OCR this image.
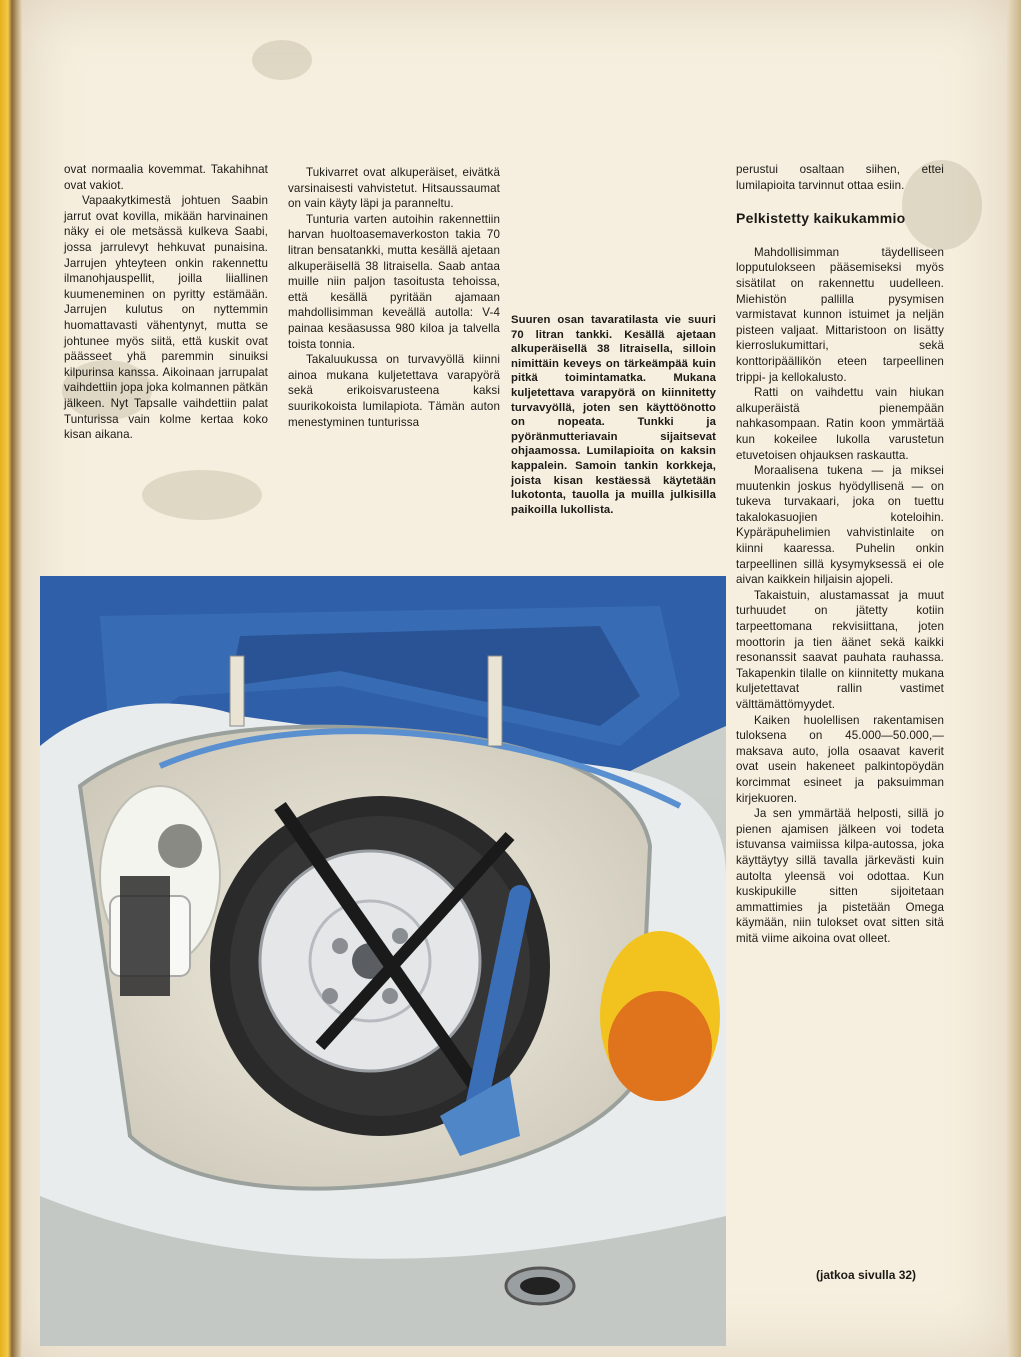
ovat normaalia kovemmat. Takahihnat ovat vakiot.

Vapaakytkimestä johtuen Saabin jarrut ovat kovilla, mikään harvinainen näky ei ole metsässä kulkeva Saabi, jossa jarrulevyt hehkuvat punaisina. Jarrujen yhteyteen onkin rakennettu ilmanohjauspellit, joilla liiallinen kuumeneminen on pyritty estämään. Jarrujen kulutus on nyttemmin huomattavasti vähentynyt, mutta se johtunee myös siitä, että kuskit ovat päässeet yhä paremmin sinuiksi kilpurinsa kanssa. Aikoinaan jarrupalat vaihdettiin jopa joka kolmannen pätkän jälkeen. Nyt Tapsalle vaihdettiin palat Tunturissa vain kolme kertaa koko kisan aikana.

Tukivarret ovat alkuperäiset, eivätkä varsinaisesti vahvistetut. Hitsaussaumat on vain käyty läpi ja paranneltu.

Tunturia varten autoihin rakennettiin harvan huoltoasemaverkoston takia 70 litran bensatankki, mutta kesällä ajetaan alkuperäisellä 38 litraisella. Saab antaa muille niin paljon tasoitusta tehoissa, että kesällä pyritään ajamaan mahdollisimman keveällä autolla: V-4 painaa kesäasussa 980 kiloa ja talvella toista tonnia.

Takaluukussa on turvavyöllä kiinni ainoa mukana kuljetettava varapyörä sekä erikoisvarusteena kaksi suurikokoista lumilapiota. Tämän auton menestyminen tunturissa

Suuren osan tavaratilasta vie suuri 70 litran tankki. Kesällä ajetaan alkuperäisellä 38 litraisella, silloin nimittäin keveys on tärkeämpää kuin pitkä toimintamatka. Mukana kuljetettava varapyörä on kiinnitetty turvavyöllä, joten sen käyttöönotto on nopeata. Tunkki ja pyöränmutteriavain sijaitsevat ohjaamossa. Lumilapioita on kaksin kappalein. Samoin tankin korkkeja, joista kisan kestäessä käytetään lukotonta, tauolla ja muilla julkisilla paikoilla lukollista.

perustui osaltaan siihen, ettei lumilapioita tarvinnut ottaa esiin.

Pelkistetty kaikukammio

Mahdollisimman täydelliseen lopputulokseen pääsemiseksi myös sisätilat on rakennettu uudelleen. Miehistön pallilla pysymisen varmistavat kunnon istuimet ja neljän pisteen valjaat. Mittaristoon on lisätty kierroslukumittari, sekä konttoripäällikön eteen tarpeellinen trippi- ja kellokalusto.

Ratti on vaihdettu vain hiukan alkuperäistä pienempään nahkasompaan. Ratin koon ymmärtää kun kokeilee lukolla varustetun etuvetoisen ohjauksen raskautta.

Moraalisena tukena — ja miksei muutenkin joskus hyödyllisenä — on tukeva turvakaari, joka on tuettu takalokasuojien koteloihin. Kypäräpuhelimien vahvistinlaite on kiinni kaaressa. Puhelin onkin tarpeellinen sillä kysymyksessä ei ole aivan kaikkein hiljaisin ajopeli.

Takaistuin, alustamassat ja muut turhuudet on jätetty kotiin tarpeettomana rekvisiittana, joten moottorin ja tien äänet sekä kaikki resonanssit saavat pauhata rauhassa. Takapenkin tilalle on kiinnitetty mukana kuljetettavat rallin vastimet välttämättömyydet.

Kaiken huolellisen rakentamisen tuloksena on 45.000—50.000,— maksava auto, jolla osaavat kaverit ovat usein hakeneet palkintopöydän korcimmat esineet ja paksuimman kirjekuoren.

Ja sen ymmärtää helposti, sillä jo pienen ajamisen jälkeen voi todeta istuvansa vaimiissa kilpa-autossa, joka käyttäytyy sillä tavalla järkevästi kuin autolta yleensä voi odottaa. Kun kuskipukille sitten sijoitetaan ammattimies ja pistetään Omega käymään, niin tulokset ovat sitten sitä mitä viime aikoina ovat olleet.

(jatkoa sivulla 32)
